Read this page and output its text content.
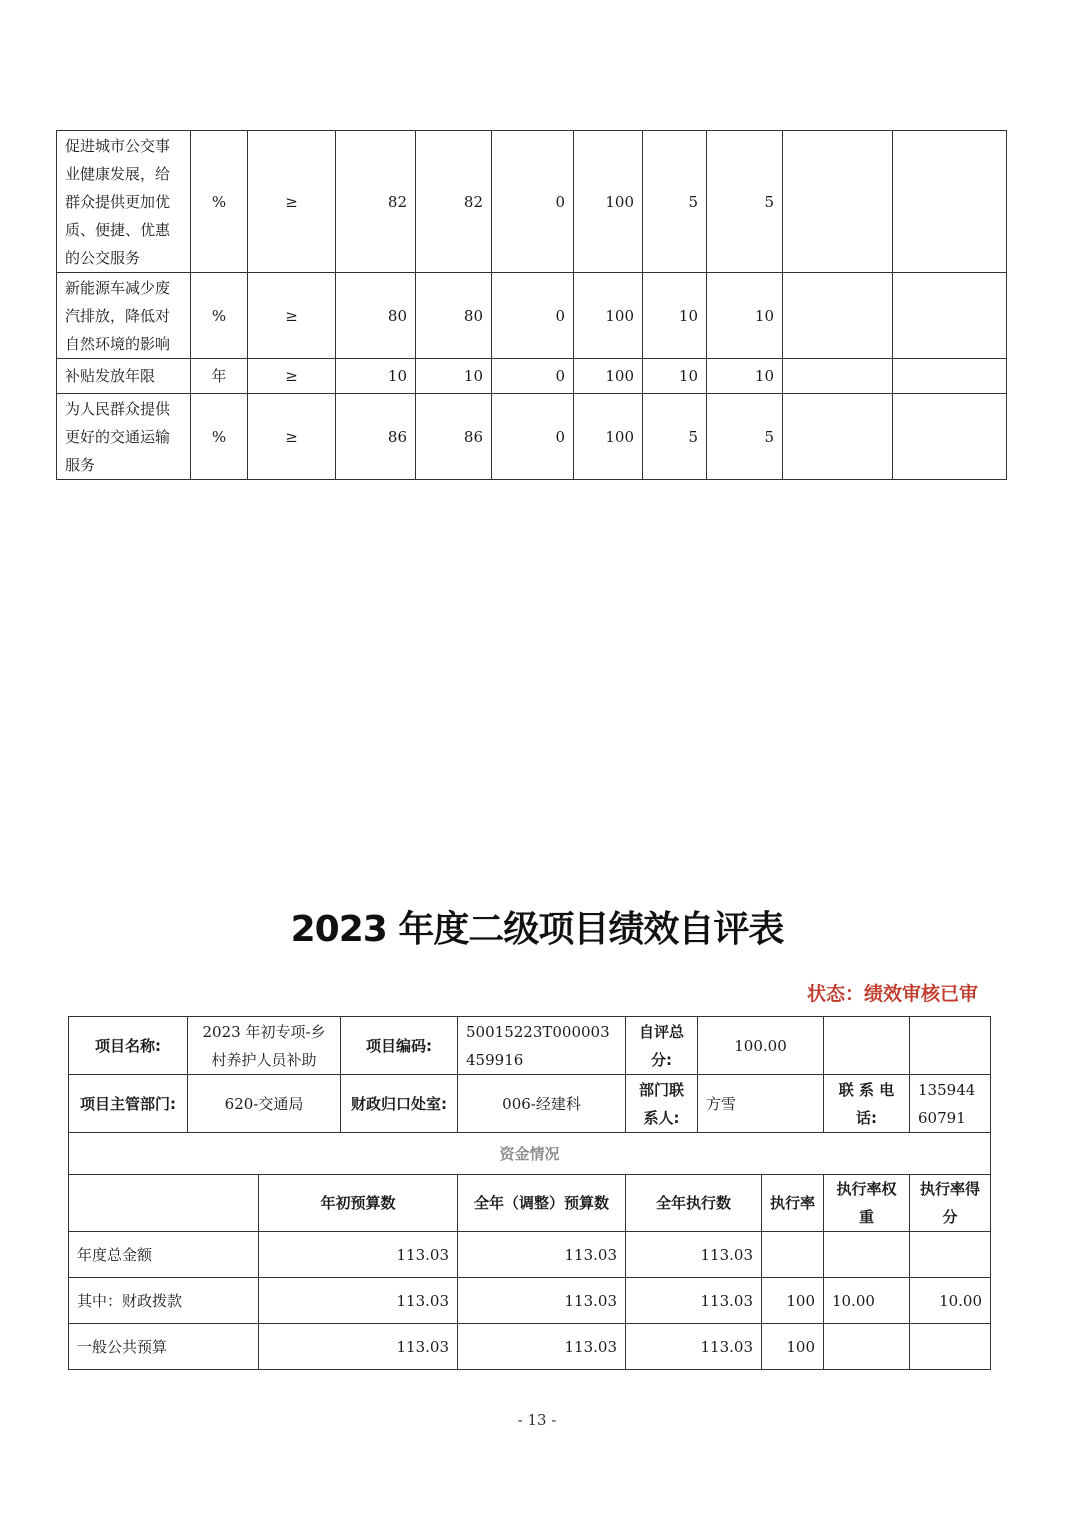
促进城市公交事业健康发展，给群众提供更加优质、便捷、优惠的公交服务	%	≥	82	82	0	100	5	5		
新能源车减少废汽排放，降低对自然环境的影响	%	≥	80	80	0	100	10	10		
补贴发放年限	年	≥	10	10	0	100	10	10		
为人民群众提供更好的交通运输服务	%	≥	86	86	0	100	5	5		
2023 年度二级项目绩效自评表
状态：绩效审核已审
项目名称:	2023 年初专项-乡村养护人员补助		项目编码:	50015223T000003459916	自评总分:	100.00			
项目主管部门:	620-交通局		财政归口处室:	006-经建科	部门联系人:	方雪		联 系 电话:	13594460791
资金情况									
		年初预算数		全年（调整）预算数	全年执行数		执行率	执行率权重	执行率得分
年度总金额		113.03		113.03	113.03				
其中：财政拨款		113.03		113.03	113.03		100	10.00	10.00
一般公共预算		113.03		113.03	113.03		100		
- 13 -
